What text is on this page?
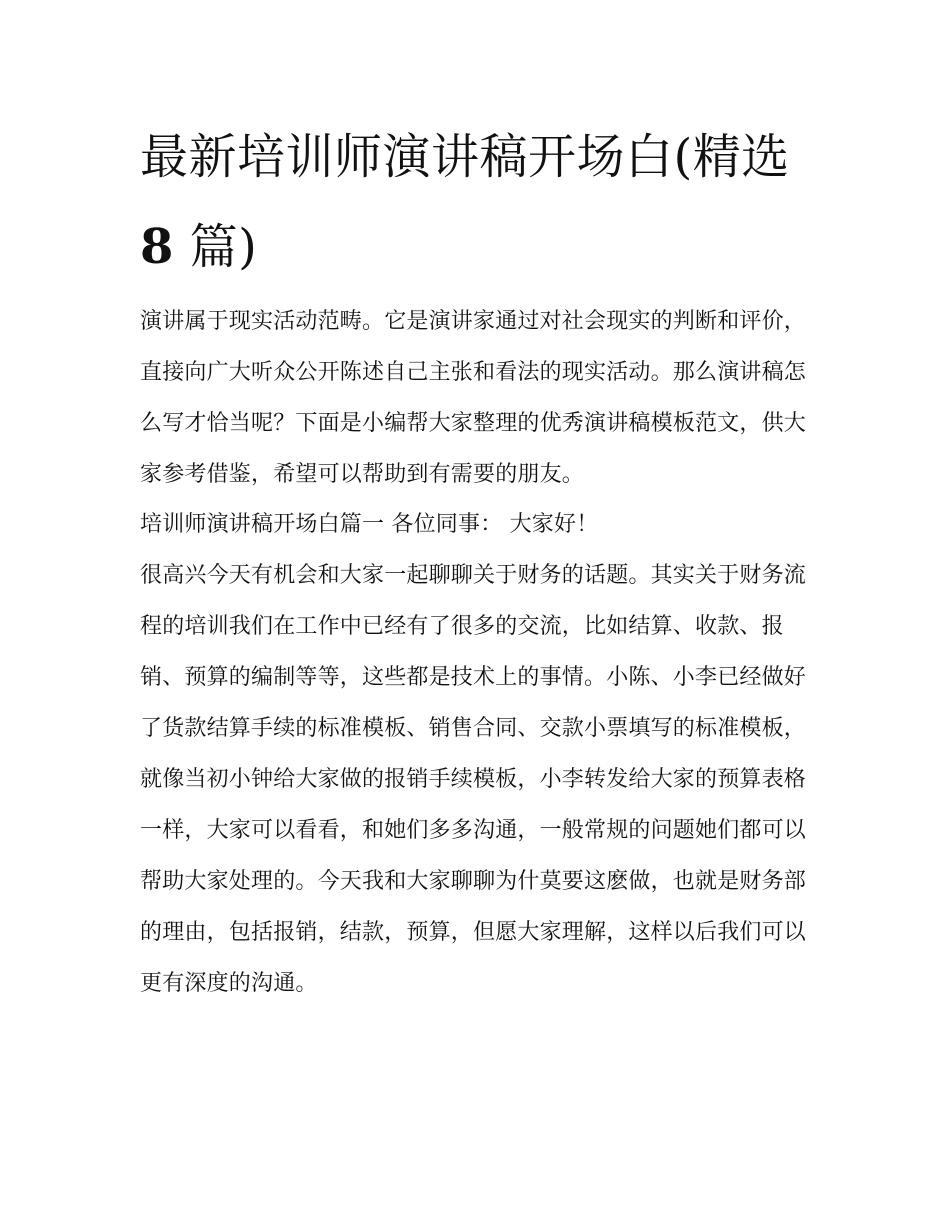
最新培训师演讲稿开场白(精选
8 篇)

演讲属于现实活动范畴。它是演讲家通过对社会现实的判断和评价，直接向广大听众公开陈述自己主张和看法的现实活动。那么演讲稿怎么写才恰当呢？下面是小编帮大家整理的优秀演讲稿模板范文，供大家参考借鉴，希望可以帮助到有需要的朋友。

培训师演讲稿开场白篇一 各位同事： 大家好！

很高兴今天有机会和大家一起聊聊关于财务的话题。其实关于财务流程的培训我们在工作中已经有了很多的交流，比如结算、收款、报销、预算的编制等等，这些都是技术上的事情。小陈、小李已经做好了货款结算手续的标准模板、销售合同、交款小票填写的标准模板，就像当初小钟给大家做的报销手续模板，小李转发给大家的预算表格一样，大家可以看看，和她们多多沟通，一般常规的问题她们都可以帮助大家处理的。今天我和大家聊聊为什莫要这麽做，也就是财务部的理由，包括报销，结款，预算，但愿大家理解，这样以后我们可以更有深度的沟通。
